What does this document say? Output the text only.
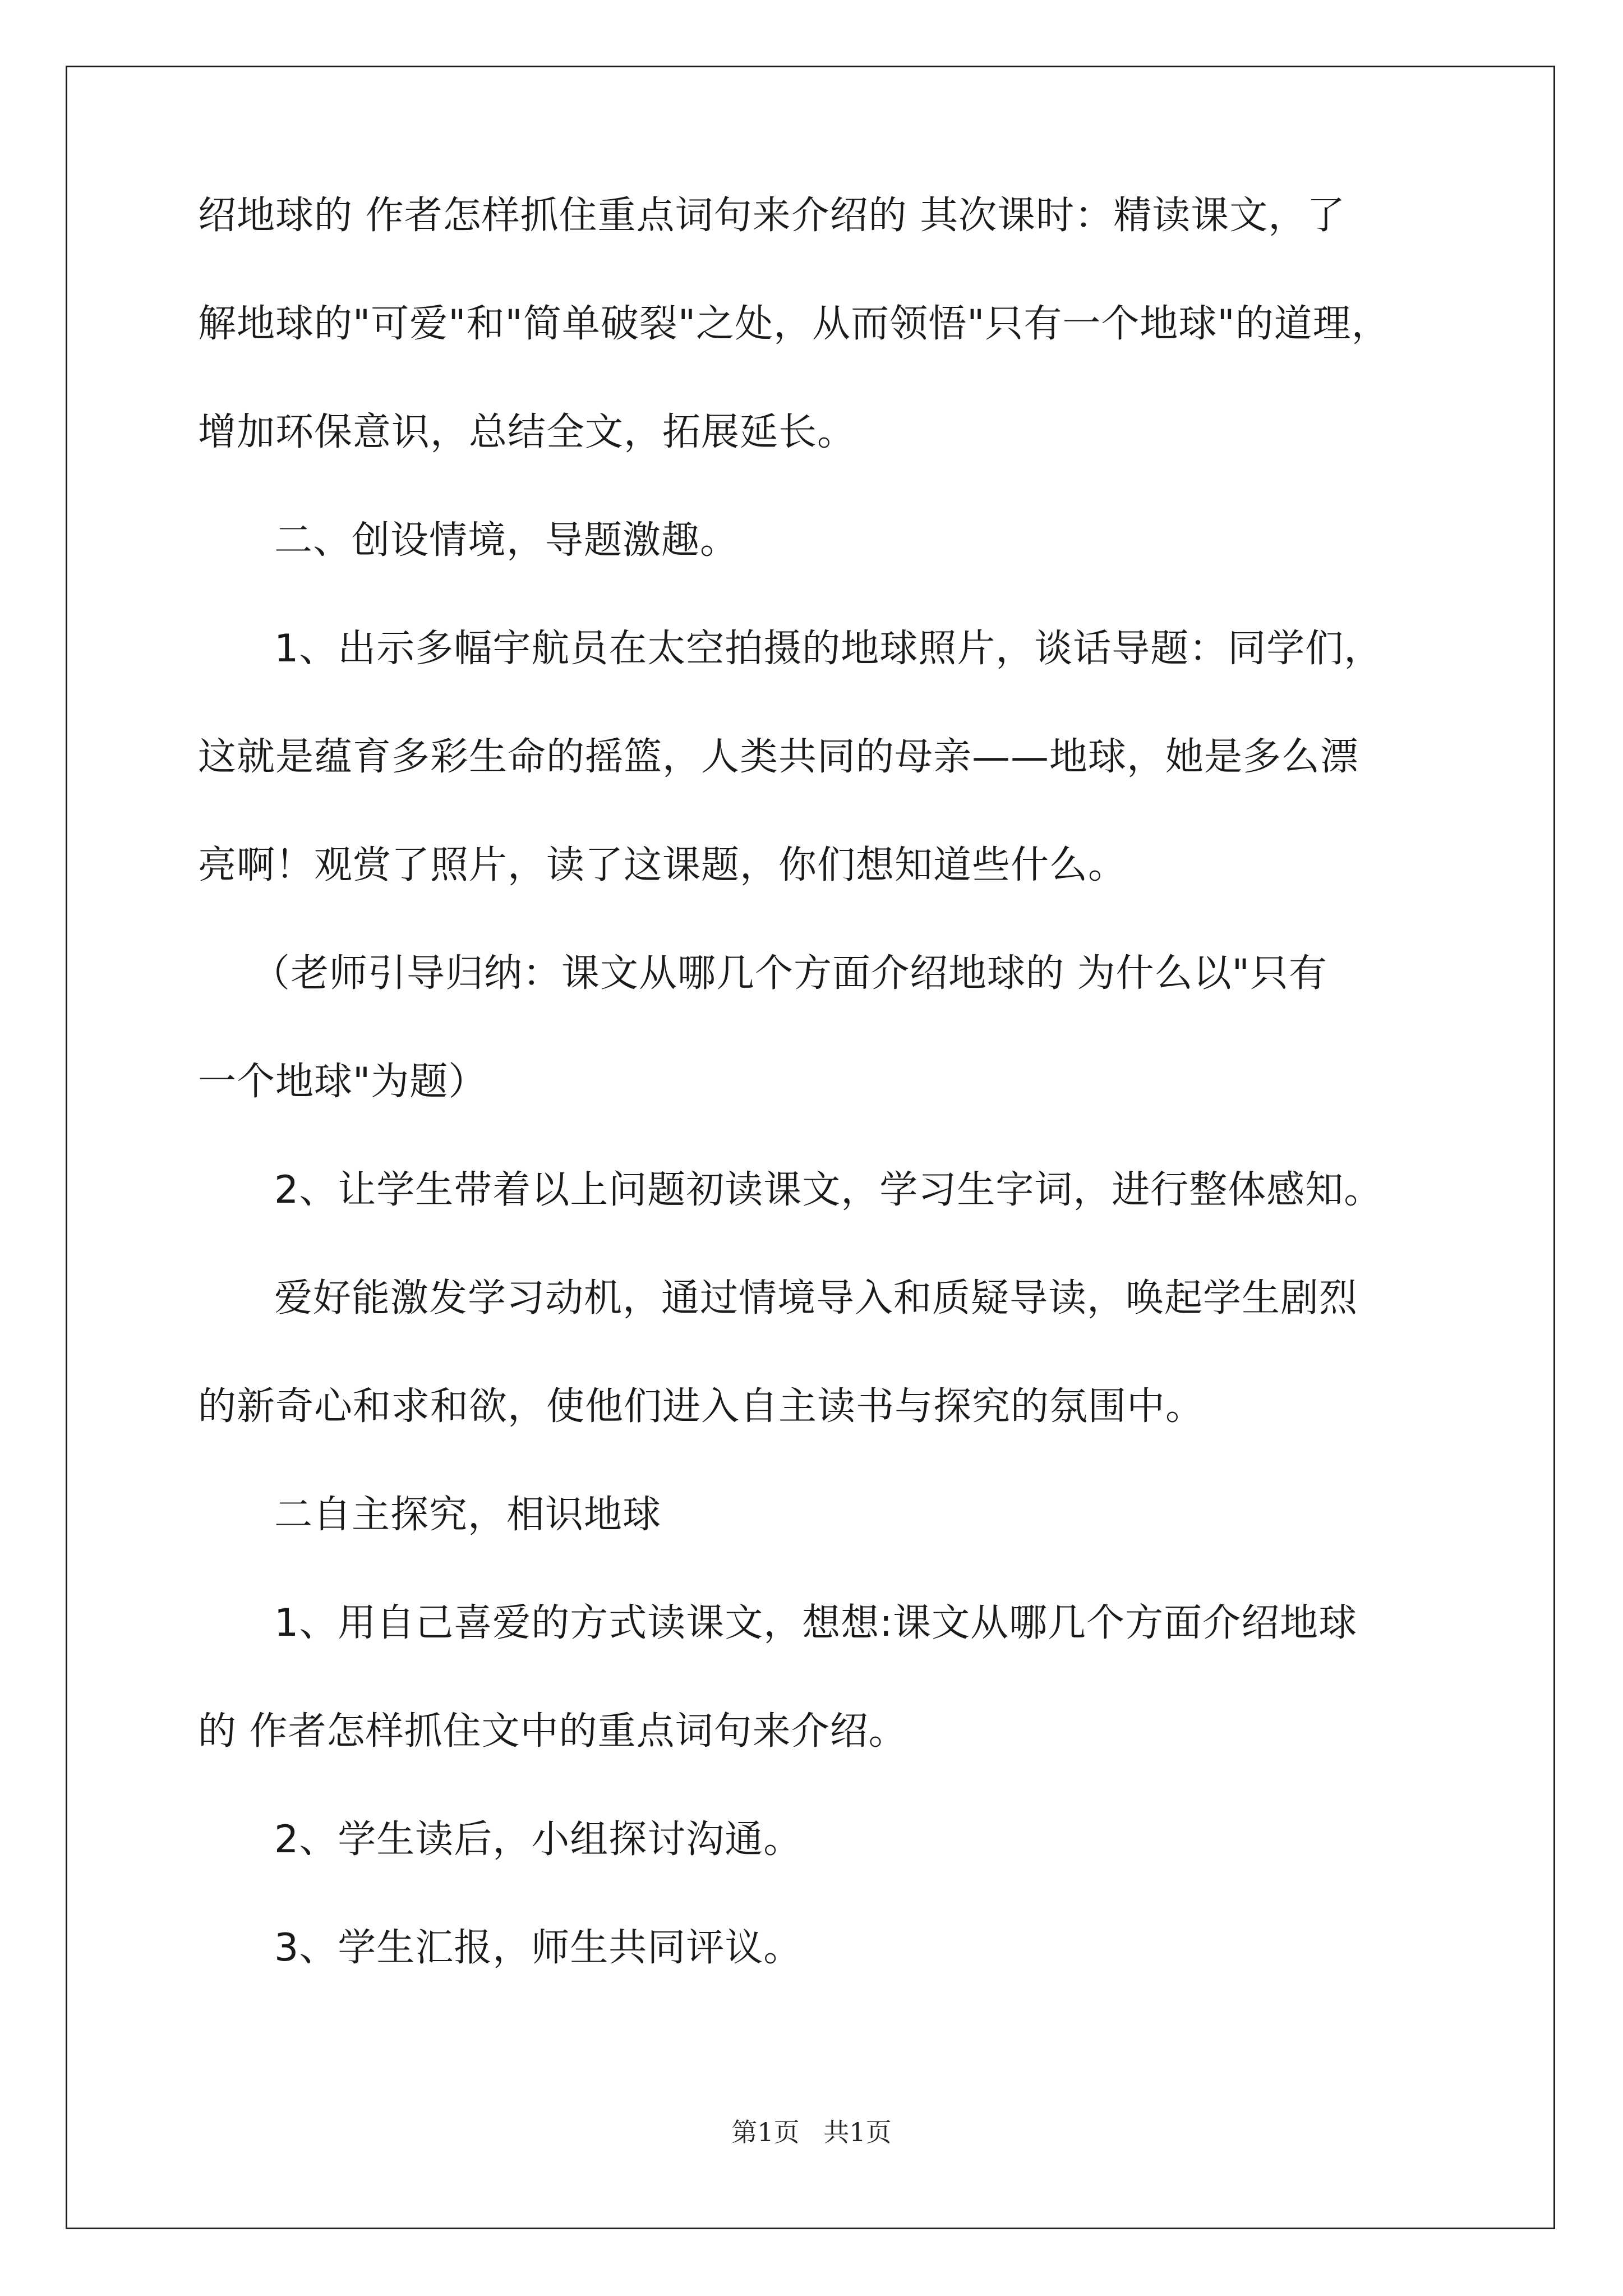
绍地球的 作者怎样抓住重点词句来介绍的 其次课时：精读课文，了
解地球的"可爱"和"简单破裂"之处，从而领悟"只有一个地球"的道理，
增加环保意识，总结全文，拓展延长。
二、创设情境，导题激趣。
1、出示多幅宇航员在太空拍摄的地球照片，谈话导题：同学们，
这就是蕴育多彩生命的摇篮，人类共同的母亲——地球，她是多么漂
亮啊！观赏了照片，读了这课题，你们想知道些什么。
（老师引导归纳：课文从哪几个方面介绍地球的 为什么以"只有
一个地球"为题）
2、让学生带着以上问题初读课文，学习生字词，进行整体感知。
爱好能激发学习动机，通过情境导入和质疑导读，唤起学生剧烈
的新奇心和求和欲，使他们进入自主读书与探究的氛围中。
二自主探究，相识地球
1、用自己喜爱的方式读课文，想想:课文从哪几个方面介绍地球
的 作者怎样抓住文中的重点词句来介绍。
2、学生读后，小组探讨沟通。
3、学生汇报，师生共同评议。
第1页 共1页
